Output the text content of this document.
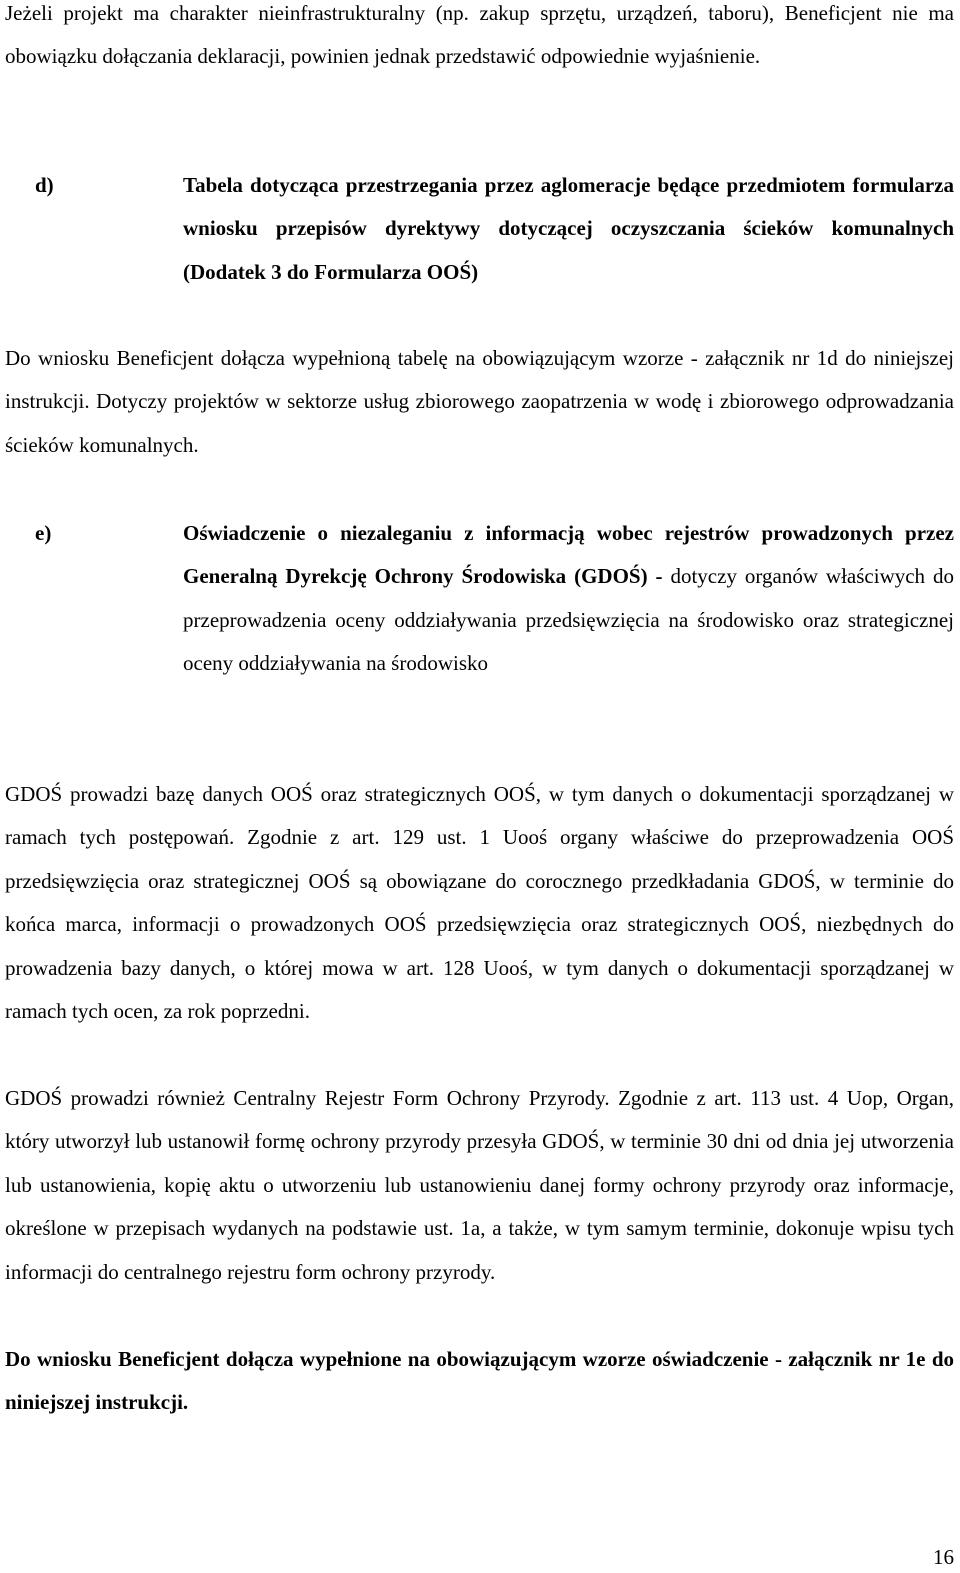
Jeżeli projekt ma charakter nieinfrastrukturalny (np. zakup sprzętu, urządzeń, taboru), Beneficjent nie ma obowiązku dołączania deklaracji, powinien jednak przedstawić odpowiednie wyjaśnienie.

d)	Tabela dotycząca przestrzegania przez aglomeracje będące przedmiotem formularza wniosku przepisów dyrektywy dotyczącej oczyszczania ścieków komunalnych (Dodatek 3 do Formularza OOŚ)

Do wniosku Beneficjent dołącza wypełnioną tabelę na obowiązującym wzorze - załącznik nr 1d do niniejszej instrukcji. Dotyczy projektów w sektorze usług zbiorowego zaopatrzenia w wodę i zbiorowego odprowadzania ścieków komunalnych.

e)	Oświadczenie o niezaleganiu z informacją wobec rejestrów prowadzonych przez Generalną Dyrekcję Ochrony Środowiska (GDOŚ) - dotyczy organów właściwych do przeprowadzenia oceny oddziaływania przedsięwzięcia na środowisko oraz strategicznej oceny oddziaływania na środowisko

GDOŚ prowadzi bazę danych OOŚ oraz strategicznych OOŚ, w tym danych o dokumentacji sporządzanej w ramach tych postępowań. Zgodnie z art. 129 ust. 1 Uooś organy właściwe do przeprowadzenia OOŚ przedsięwzięcia oraz strategicznej OOŚ są obowiązane do corocznego przedkładania GDOŚ, w terminie do końca marca, informacji o prowadzonych OOŚ przedsięwzięcia oraz strategicznych OOŚ, niezbędnych do prowadzenia bazy danych, o której mowa w art. 128 Uooś, w tym danych o dokumentacji sporządzanej w ramach tych ocen, za rok poprzedni.

GDOŚ prowadzi również Centralny Rejestr Form Ochrony Przyrody. Zgodnie z art. 113 ust. 4 Uop, Organ, który utworzył lub ustanowił formę ochrony przyrody przesyła GDOŚ, w terminie 30 dni od dnia jej utworzenia lub ustanowienia, kopię aktu o utworzeniu lub ustanowieniu danej formy ochrony przyrody oraz informacje, określone w przepisach wydanych na podstawie ust. 1a, a także, w tym samym terminie, dokonuje wpisu tych informacji do centralnego rejestru form ochrony przyrody.

Do wniosku Beneficjent dołącza wypełnione na obowiązującym wzorze oświadczenie - załącznik nr 1e do niniejszej instrukcji.

16
